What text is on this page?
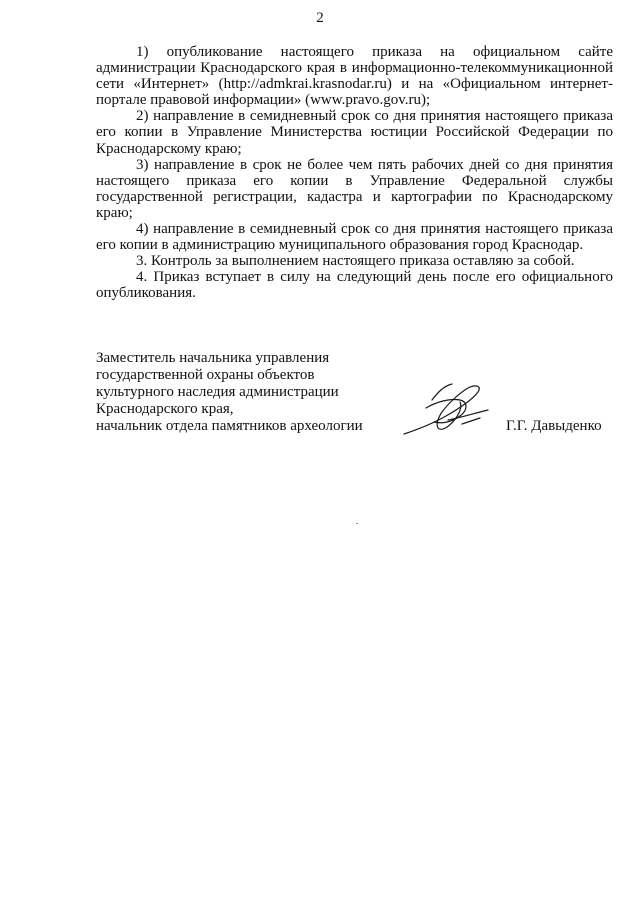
2

1) опубликование настоящего приказа на официальном сайте администрации Краснодарского края в информационно-телекоммуникационной сети «Интернет» (http://admkrai.krasnodar.ru) и на «Официальном интернет-портале правовой информации» (www.pravo.gov.ru);

2) направление в семидневный срок со дня принятия настоящего приказа его копии в Управление Министерства юстиции Российской Федерации по Краснодарскому краю;

3) направление в срок не более чем пять рабочих дней со дня принятия настоящего приказа его копии в Управление Федеральной службы государственной регистрации, кадастра и картографии по Краснодарскому краю;

4) направление в семидневный срок со дня принятия настоящего приказа его копии в администрацию муниципального образования город Краснодар.

3. Контроль за выполнением настоящего приказа оставляю за собой.

4. Приказ вступает в силу на следующий день после его официального опубликования.

Заместитель начальника управления
государственной охраны объектов
культурного наследия администрации
Краснодарского края,
начальник отдела памятников археологии	Г.Г. Давыденко
